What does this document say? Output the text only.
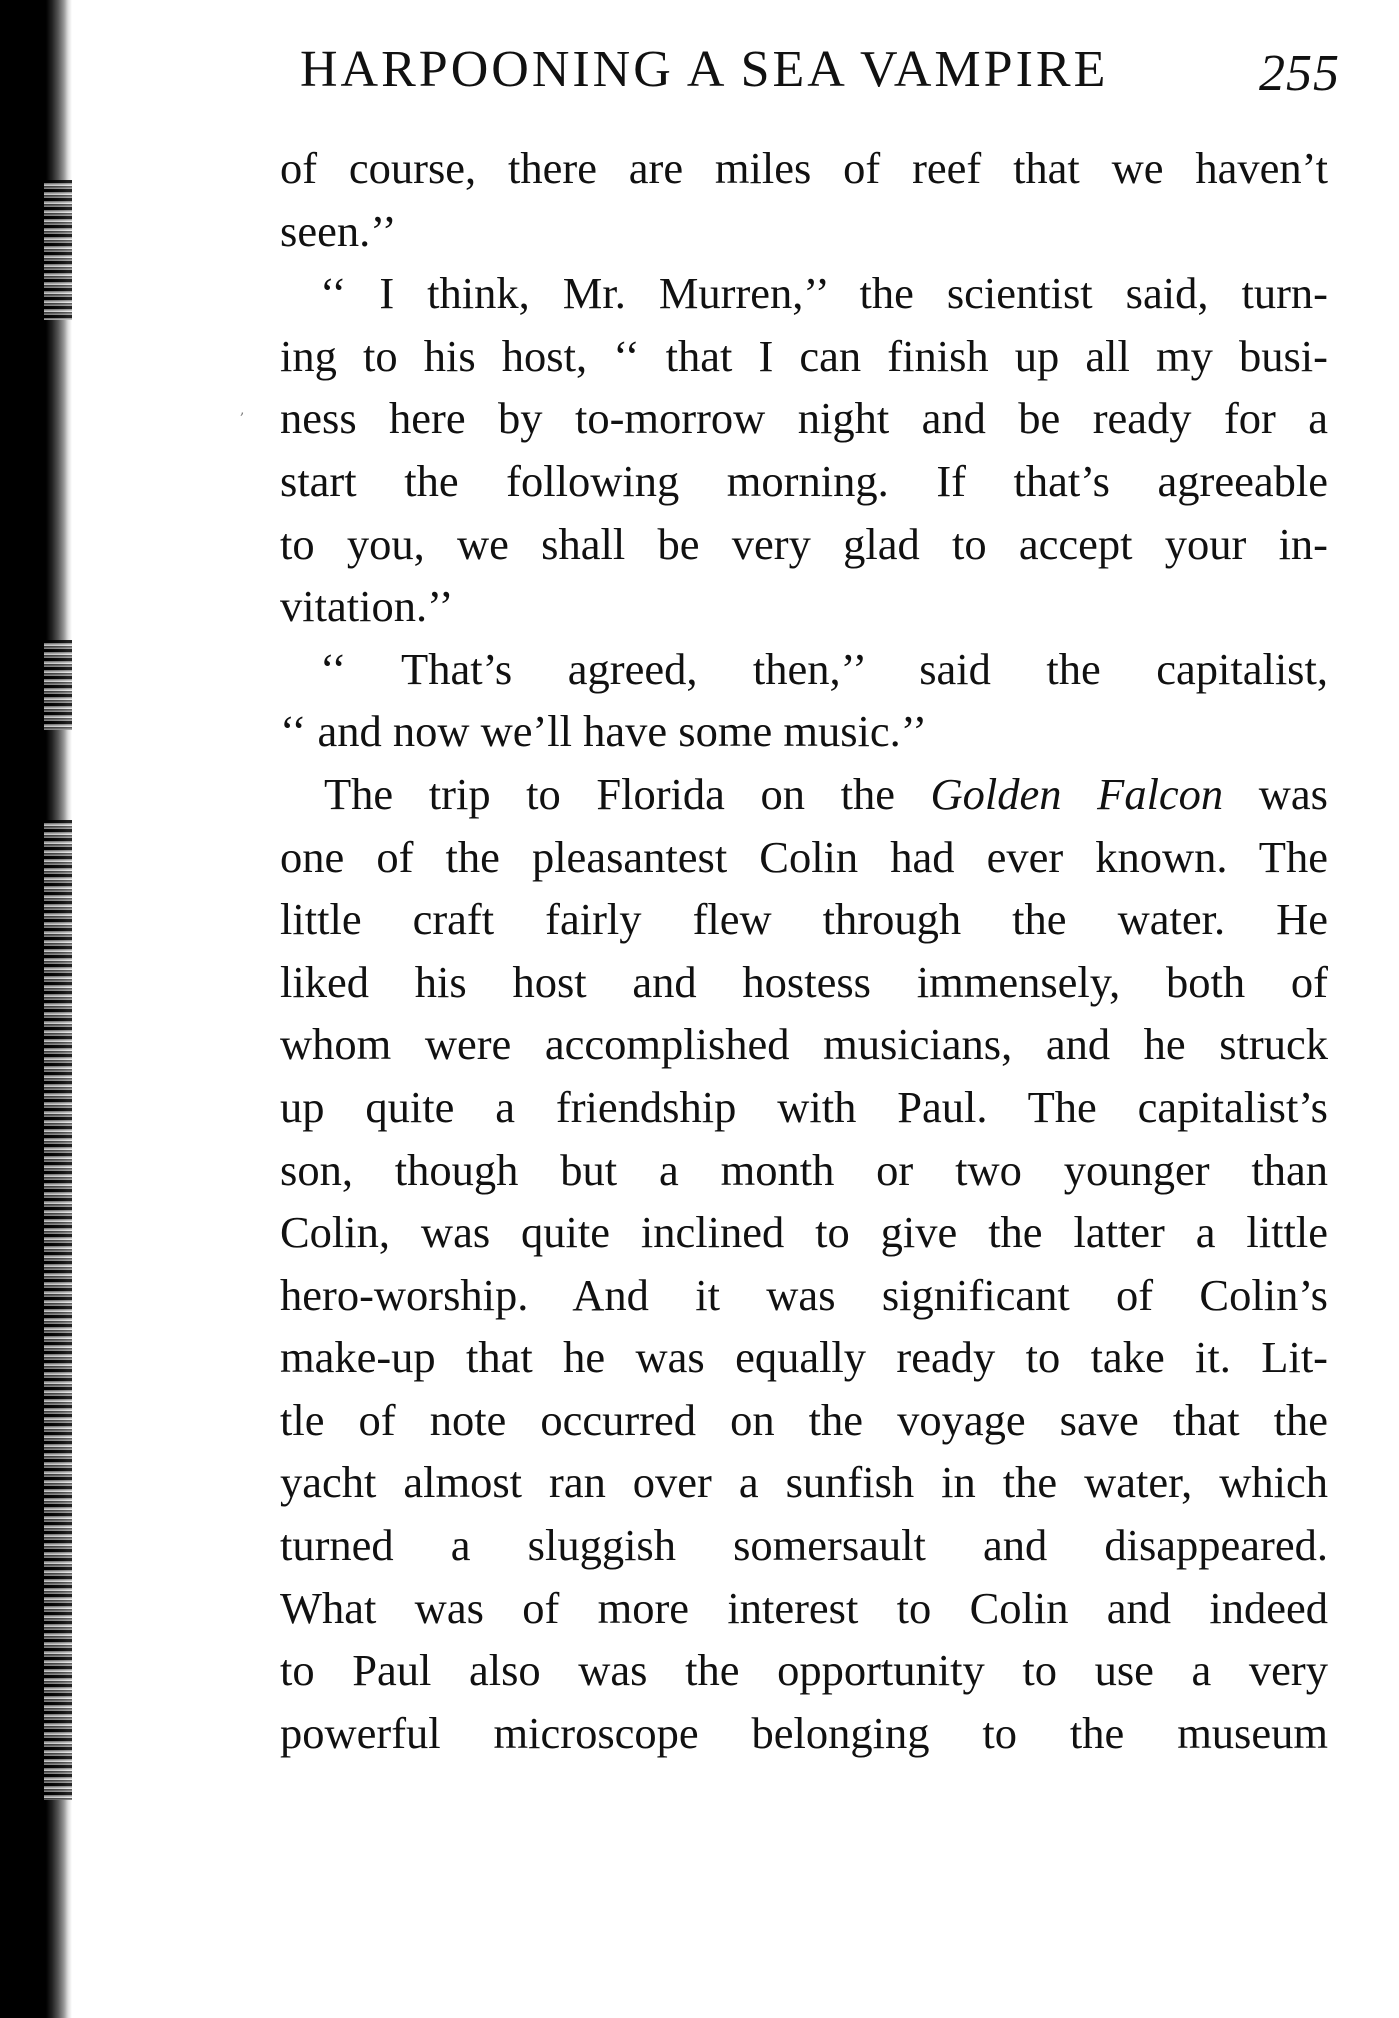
HARPOONING A SEA VAMPIRE	255
of course, there are miles of reef that we haven’t
seen.’’
‘‘ I think, Mr. Murren,’’ the scientist said, turn-
ing to his host, ‘‘ that I can finish up all my busi-
ness here by to-morrow night and be ready for a
start the following morning. If that’s agreeable
to you, we shall be very glad to accept your in-
vitation.’’
‘‘ That’s agreed, then,’’ said the capitalist,
‘‘ and now we’ll have some music.’’
The trip to Florida on the Golden Falcon was
one of the pleasantest Colin had ever known. The
little craft fairly flew through the water. He
liked his host and hostess immensely, both of
whom were accomplished musicians, and he struck
up quite a friendship with Paul. The capitalist’s
son, though but a month or two younger than
Colin, was quite inclined to give the latter a little
hero-worship. And it was significant of Colin’s
make-up that he was equally ready to take it. Lit-
tle of note occurred on the voyage save that the
yacht almost ran over a sunfish in the water, which
turned a sluggish somersault and disappeared.
What was of more interest to Colin and indeed
to Paul also was the opportunity to use a very
powerful microscope belonging to the museum
,
